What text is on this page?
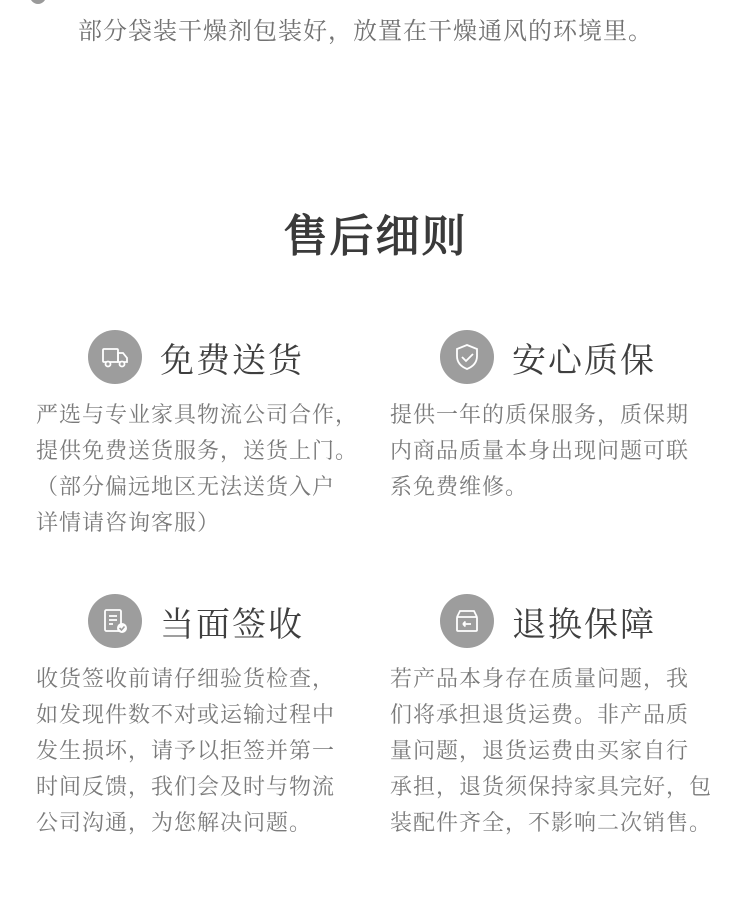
部分袋装干燥剂包装好，放置在干燥通风的环境里。
售后细则
免费送货
严选与专业家具物流公司合作，
提供免费送货服务，送货上门。
（部分偏远地区无法送货入户
详情请咨询客服）
安心质保
提供一年的质保服务，质保期
内商品质量本身出现问题可联
系免费维修。
当面签收
收货签收前请仔细验货检查，
如发现件数不对或运输过程中
发生损坏，请予以拒签并第一
时间反馈，我们会及时与物流
公司沟通，为您解决问题。
退换保障
若产品本身存在质量问题，我
们将承担退货运费。非产品质
量问题，退货运费由买家自行
承担，退货须保持家具完好，包
装配件齐全，不影响二次销售。
